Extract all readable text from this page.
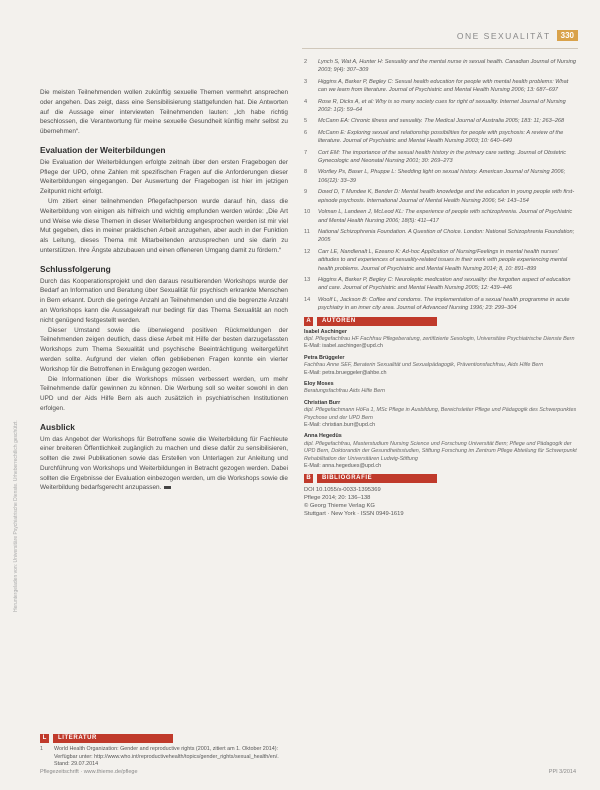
ONE SEXUALITÄT	330

Die meisten Teilnehmenden wollen zukünftig sexuelle Themen vermehrt ansprechen oder angehen. Das zeigt, dass eine Sensibilisierung stattgefunden hat. Die Antworten auf die Aussage einer interviewten Teilnehmenden lauten: „Ich habe richtig beschlossen, die Verantwortung für meine sexuelle Gesundheit künftig mehr selbst zu übernehmen“.

Evaluation der Weiterbildungen

Die Evaluation der Weiterbildungen erfolgte zeitnah über den ersten Fragebogen der Pflege der UPD, ohne Zahlen mit spezifischen Fragen auf die Anforderungen dieser Weiterbildungen eingegangen. Der Auswertung der Fragebogen ist hier im jetzigen Zeitpunkt nicht erfolgt.

Um zitiert einer teilnehmenden Pflegefachperson wurde darauf hin, dass die Weiterbildung von einigen als hilfreich und wichtig empfunden werden würde: „Die Art und Weise wie diese Themen in dieser Weiterbildung angesprochen werden ist mir viel Mut gegeben, dies in meiner praktischen Arbeit anzugehen, aber auch in der Funktion als Leitung, dieses Thema mit Mitarbeitenden anzusprechen und sie darin zu unterstützen. Ihre Ängste abzubauen und einen offeneren Umgang damit zu fördern.“

Schlussfolgerung

Durch das Kooperationsprojekt und den daraus resultierenden Workshops wurde der Bedarf an Information und Beratung über Sexualität für psychisch erkrankte Menschen in Bern erkannt. Durch die geringe Anzahl an Teilnehmenden und die begrenzte Anzahl an Workshops kann die Aussagekraft nur bedingt für das Thema Sexualität an noch nicht genügend festgestellt werden.

Dieser Umstand sowie die überwiegend positiven Rückmeldungen der Teilnehmenden zeigen deutlich, dass diese Arbeit mit Hilfe der besten darzugefassten Workshops zum Thema Sexualität und psychische Beeinträchtigung weitergeführt werden sollte. Aufgrund der vielen offen gebliebenen Fragen konnte ein vierter Workshop für die Betroffenen in Erwägung gezogen werden.

Die Informationen über die Workshops müssen verbessert werden, um mehr Teilnehmende dafür gewinnen zu können. Die Werbung soll so weiter sowohl in den UPD und der Aids Hilfe Bern als auch zusätzlich in psychiatrischen Institutionen erfolgen.

Ausblick

Um das Angebot der Workshops für Betroffene sowie die Weiterbildung für Fachleute einer breiteren Öffentlichkeit zugänglich zu machen und diese dafür zu sensibilisieren, sollten die zwei Publikationen sowie das Erstellen von Unterlagen zur Anleitung und Durchführung von Workshops und Weiterbildungen in Betracht gezogen werden. Dabei sollten die Ergebnisse der Evaluation einbezogen werden, um die Workshops sowie die Weiterbildung bedarfsgerecht anzupassen.

L	LITERATUR
1	World Health Organization: Gender and reproductive rights (2001, zitiert am 1. Oktober 2014): Verfügbar unter: http://www.who.int/reproductivehealth/topics/gender_rights/sexual_health/en/. Stand: 29.07.2014
2	Lynch S, Wat A, Hunter H: Sexuality and the mental nurse in sexual health. Canadian Journal of Nursing 2003; 9(4): 307–309
3	Higgins A, Barker P, Begley C: Sexual health education for people with mental health problems: What can we learn from literature. Journal of Psychiatric and Mental Health Nursing 2006; 13: 687–697
4	Rose R, Dicks A, et al: Why is so many society cues for right of sexuality. Internet Journal of Nursing 2002: 1(2): 59–64
5	McCann EA: Chronic illness and sexuality. The Medical Journal of Australia 2005; 183: 11; 263–268
6	McCann E: Exploring sexual and relationship possibilities for people with psychosis: A review of the literature. Journal of Psychiatric and Mental Health Nursing 2003; 10: 640–649
7	Cort EM: The importance of the sexual health history in the primary care setting. Journal of Obstetric Gynecologic and Neonatal Nursing 2001; 30: 269–273
8	Wortley Ps, Baser L, Phuppe L: Shedding light on sexual history. American Journal of Nursing 2006; 106(12): 33–39
9	Dowd D, T Mundee K, Bender D: Mental health knowledge and the education in young people with first-episode psychosis. International Journal of Mental Health Nursing 2006; 54: 143–154
10	Volman L, Landeen J, McLeod KL: The experience of people with schizophrenia. Journal of Psychiatric and Mental Health Nursing 2006; 18(5): 411–417
11	National Schizophrenia Foundation. A Question of Choice. London: National Schizophrenia Foundation; 2005
12	Carr LE, Nandlenalt L, Ezeano K: Ad-hoc Application of Nursing/Feelings in mental health nurses' attitudes to and experiences of sexuality-related issues in their work with people experiencing mental health problems. Journal of Psychiatric and Mental Health Nursing 2014; 8, 10: 891–899
13	Higgins A, Barker P, Begley C: Neuroleptic medication and sexuality: the forgotten aspect of education and care. Journal of Psychiatric and Mental Health Nursing 2005; 12: 439–446
14	Woolf L, Jackson B: Coffee and condoms. The implementation of a sexual health programme in acute psychiatry in an inner city area. Journal of Advanced Nursing 1996; 23: 299–304
A	AUTOREN
Isabel Aschinger
dipl. Pflegefachfrau HF Fachfrau Pflegeberatung, zertifizierte Sexologin, Universitäre Psychiatrische Dienste Bern
E-Mail: isabel.aschinger@upd.ch
Petra Brüggeler
Fachfrau Anne SEF, Beraterin Sexualität und Sexualpädagogik, Präventionsfachfrau, Aids Hilfe Bern
E-Mail: petra.brueggeler@ahbe.ch
Eloy Moses
Beratungsfachfrau Aids Hilfe Bern
Christian Burr
dipl. Pflegefachmann HöFa 1, MSc Pflege in Ausbildung, Bereichsleiter Pflege und Pädagogik des Schwerpunktes Psychose und der UPD Bern
E-Mail: christian.burr@upd.ch
Anna Hegedüs
dipl. Pflegefachfrau, Masterstudium Nursing Science und Forschung Universität Bern; Pflege und Pädagogik der UPD Bern, Doktorandin der Gesundheitsstudien, Stiftung Forschung im Zentrum Pflege Abteilung für Schwerpunkt Rehabilitation der Universitären Ludwig-Stiftung
E-Mail: anna.hegedues@upd.ch
B	BIBLIOGRAFIE
DOI 10.1055/s-0033-1395369
Pflege 2014; 20: 136–138
© Georg Thieme Verlag KG
Stuttgart · New York · ISSN 0949-1619
Heruntergeladen von: Universitäre Psychiatrische Dienste. Urheberrechtlich geschützt.
Pflegezeitschrift · www.thieme.de/pflege	PPI 3/2014
